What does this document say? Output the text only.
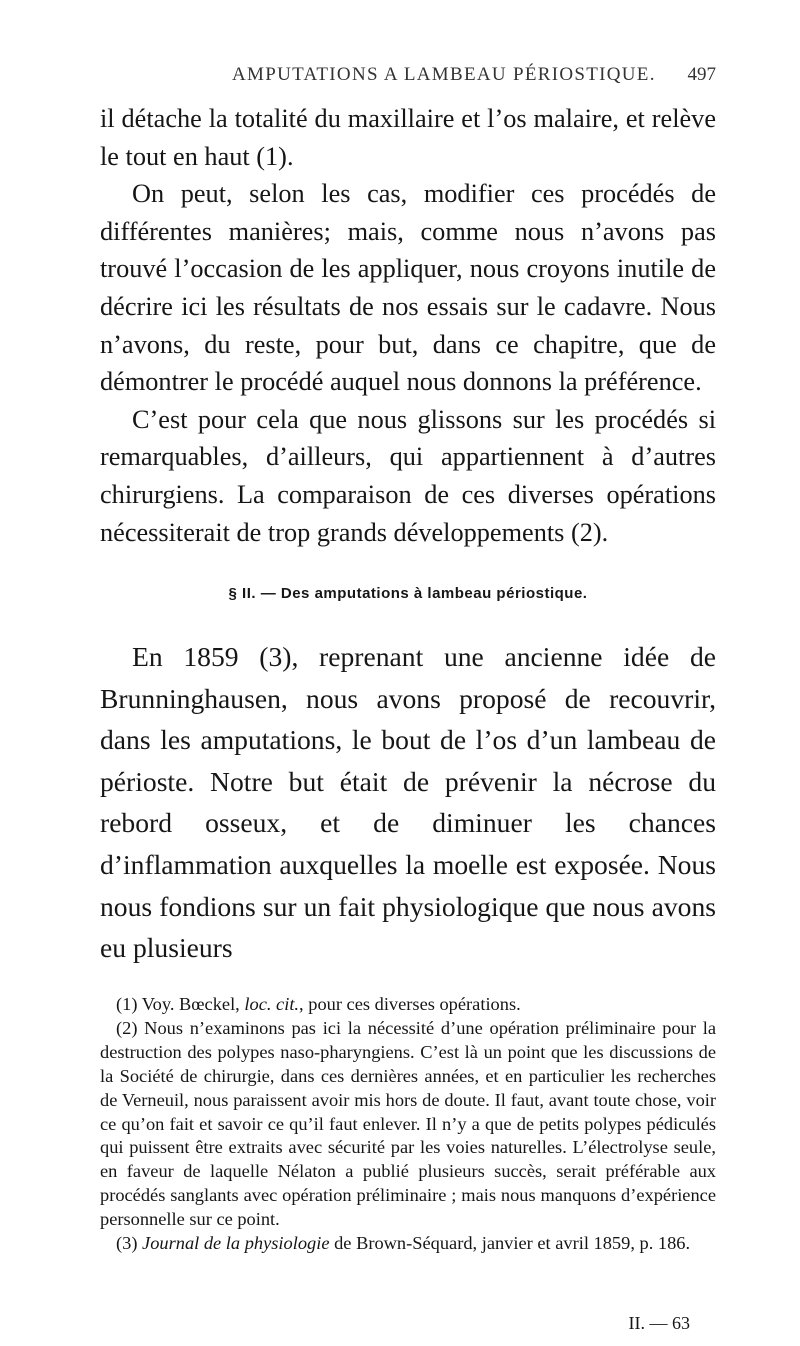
AMPUTATIONS A LAMBEAU PÉRIOSTIQUE. 497

il détache la totalité du maxillaire et l’os malaire, et relève le tout en haut (1).

On peut, selon les cas, modifier ces procédés de différentes manières; mais, comme nous n’avons pas trouvé l’occasion de les appliquer, nous croyons inutile de décrire ici les résultats de nos essais sur le cadavre. Nous n’avons, du reste, pour but, dans ce chapitre, que de démontrer le procédé auquel nous donnons la préférence.

C’est pour cela que nous glissons sur les procédés si remarquables, d’ailleurs, qui appartiennent à d’autres chirurgiens. La comparaison de ces diverses opérations nécessiterait de trop grands développements (2).

§ II. — Des amputations à lambeau périostique.

En 1859 (3), reprenant une ancienne idée de Brunninghausen, nous avons proposé de recouvrir, dans les amputations, le bout de l’os d’un lambeau de périoste. Notre but était de prévenir la nécrose du rebord osseux, et de diminuer les chances d’inflammation auxquelles la moelle est exposée. Nous nous fondions sur un fait physiologique que nous avons eu plusieurs

(1) Voy. Bœckel, loc. cit., pour ces diverses opérations.

(2) Nous n’examinons pas ici la nécessité d’une opération préliminaire pour la destruction des polypes naso-pharyngiens. C’est là un point que les discussions de la Société de chirurgie, dans ces dernières années, et en particulier les recherches de Verneuil, nous paraissent avoir mis hors de doute. Il faut, avant toute chose, voir ce qu’on fait et savoir ce qu’il faut enlever. Il n’y a que de petits polypes pédiculés qui puissent être extraits avec sécurité par les voies naturelles. L’électrolyse seule, en faveur de laquelle Nélaton a publié plusieurs succès, serait préférable aux procédés sanglants avec opération préliminaire ; mais nous manquons d’expérience personnelle sur ce point.

(3) Journal de la physiologie de Brown-Séquard, janvier et avril 1859, p. 186.

II. — 63
